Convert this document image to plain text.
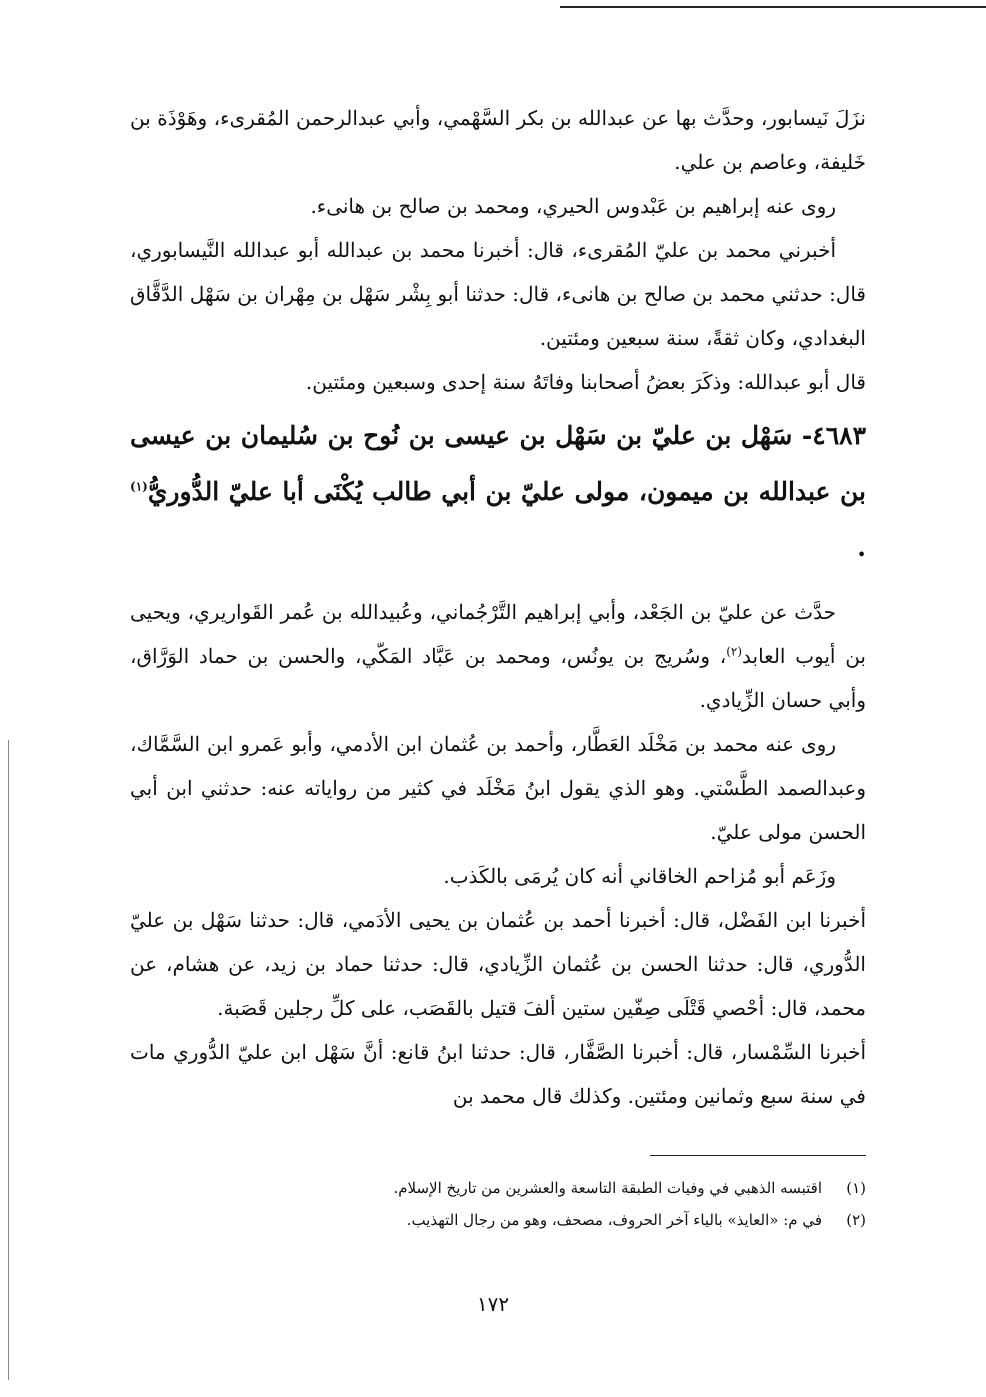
نزَلَ نَيسابور، وحدَّث بها عن عبدالله بن بكر السَّهْمي، وأبي عبدالرحمن المُقرىء، وهَوْذَة بن خَليفة، وعاصم بن علي.

روى عنه إبراهيم بن عَبْدوس الحيري، ومحمد بن صالح بن هانىء.

أخبرني محمد بن عليّ المُقرىء، قال: أخبرنا محمد بن عبدالله أبو عبدالله النَّيسابوري، قال: حدثني محمد بن صالح بن هانىء، قال: حدثنا أبو بِشْر سَهْل بن مِهْران بن سَهْل الدَّقَّاق البغدادي، وكان ثقةً، سنة سبعين ومئتين.

قال أبو عبدالله: وذكَرَ بعضُ أصحابنا وفاتَهُ سنة إحدى وسبعين ومئتين.

٤٦٨٣- سَهْل بن عليّ بن سَهْل بن عيسى بن نُوح بن سُليمان بن عيسى بن عبدالله بن ميمون، مولى عليّ بن أبي طالب يُكْنَى أبا عليّ الدُّوريُّ$^{(١)}$ .

حدَّث عن عليّ بن الجَعْد، وأبي إبراهيم التَّرْجُماني، وعُبيدالله بن عُمر القَواريري، ويحيى بن أيوب العابد$^{(٢)}$، وسُريج بن يونُس، ومحمد بن عَبَّاد المَكّي، والحسن بن حماد الوَرَّاق، وأبي حسان الزِّيادي.

روى عنه محمد بن مَخْلَد العَطَّار، وأحمد بن عُثمان ابن الأدمي، وأبو عَمرو ابن السَّمَّاك، وعبدالصمد الطَّسْتي. وهو الذي يقول ابنُ مَخْلَد في كثير من رواياته عنه: حدثني ابن أبي الحسن مولى عليّ.

وزَعَم أبو مُزاحم الخاقاني أنه كان يُرمَى بالكَذب.

أخبرنا ابن الفَضْل، قال: أخبرنا أحمد بن عُثمان بن يحيى الأدَمي، قال: حدثنا سَهْل بن عليّ الدُّوري، قال: حدثنا الحسن بن عُثمان الزِّيادي، قال: حدثنا حماد بن زيد، عن هشام، عن محمد، قال: أحْصي قَتْلَى صِفّين ستين ألفَ قتيل بالقَصَب، على كلِّ رجلين قَصَبة.

أخبرنا السِّمْسار، قال: أخبرنا الصَّفَّار، قال: حدثنا ابنُ قانع: أنَّ سَهْل ابن عليّ الدُّوري مات في سنة سبع وثمانين ومئتين. وكذلك قال محمد بن

(١)اقتبسه الذهبي في وفيات الطبقة التاسعة والعشرين من تاريخ الإسلام.
(٢)في م: «العايذ» بالياء آخر الحروف، مصحف، وهو من رجال التهذيب.
١٧٢
